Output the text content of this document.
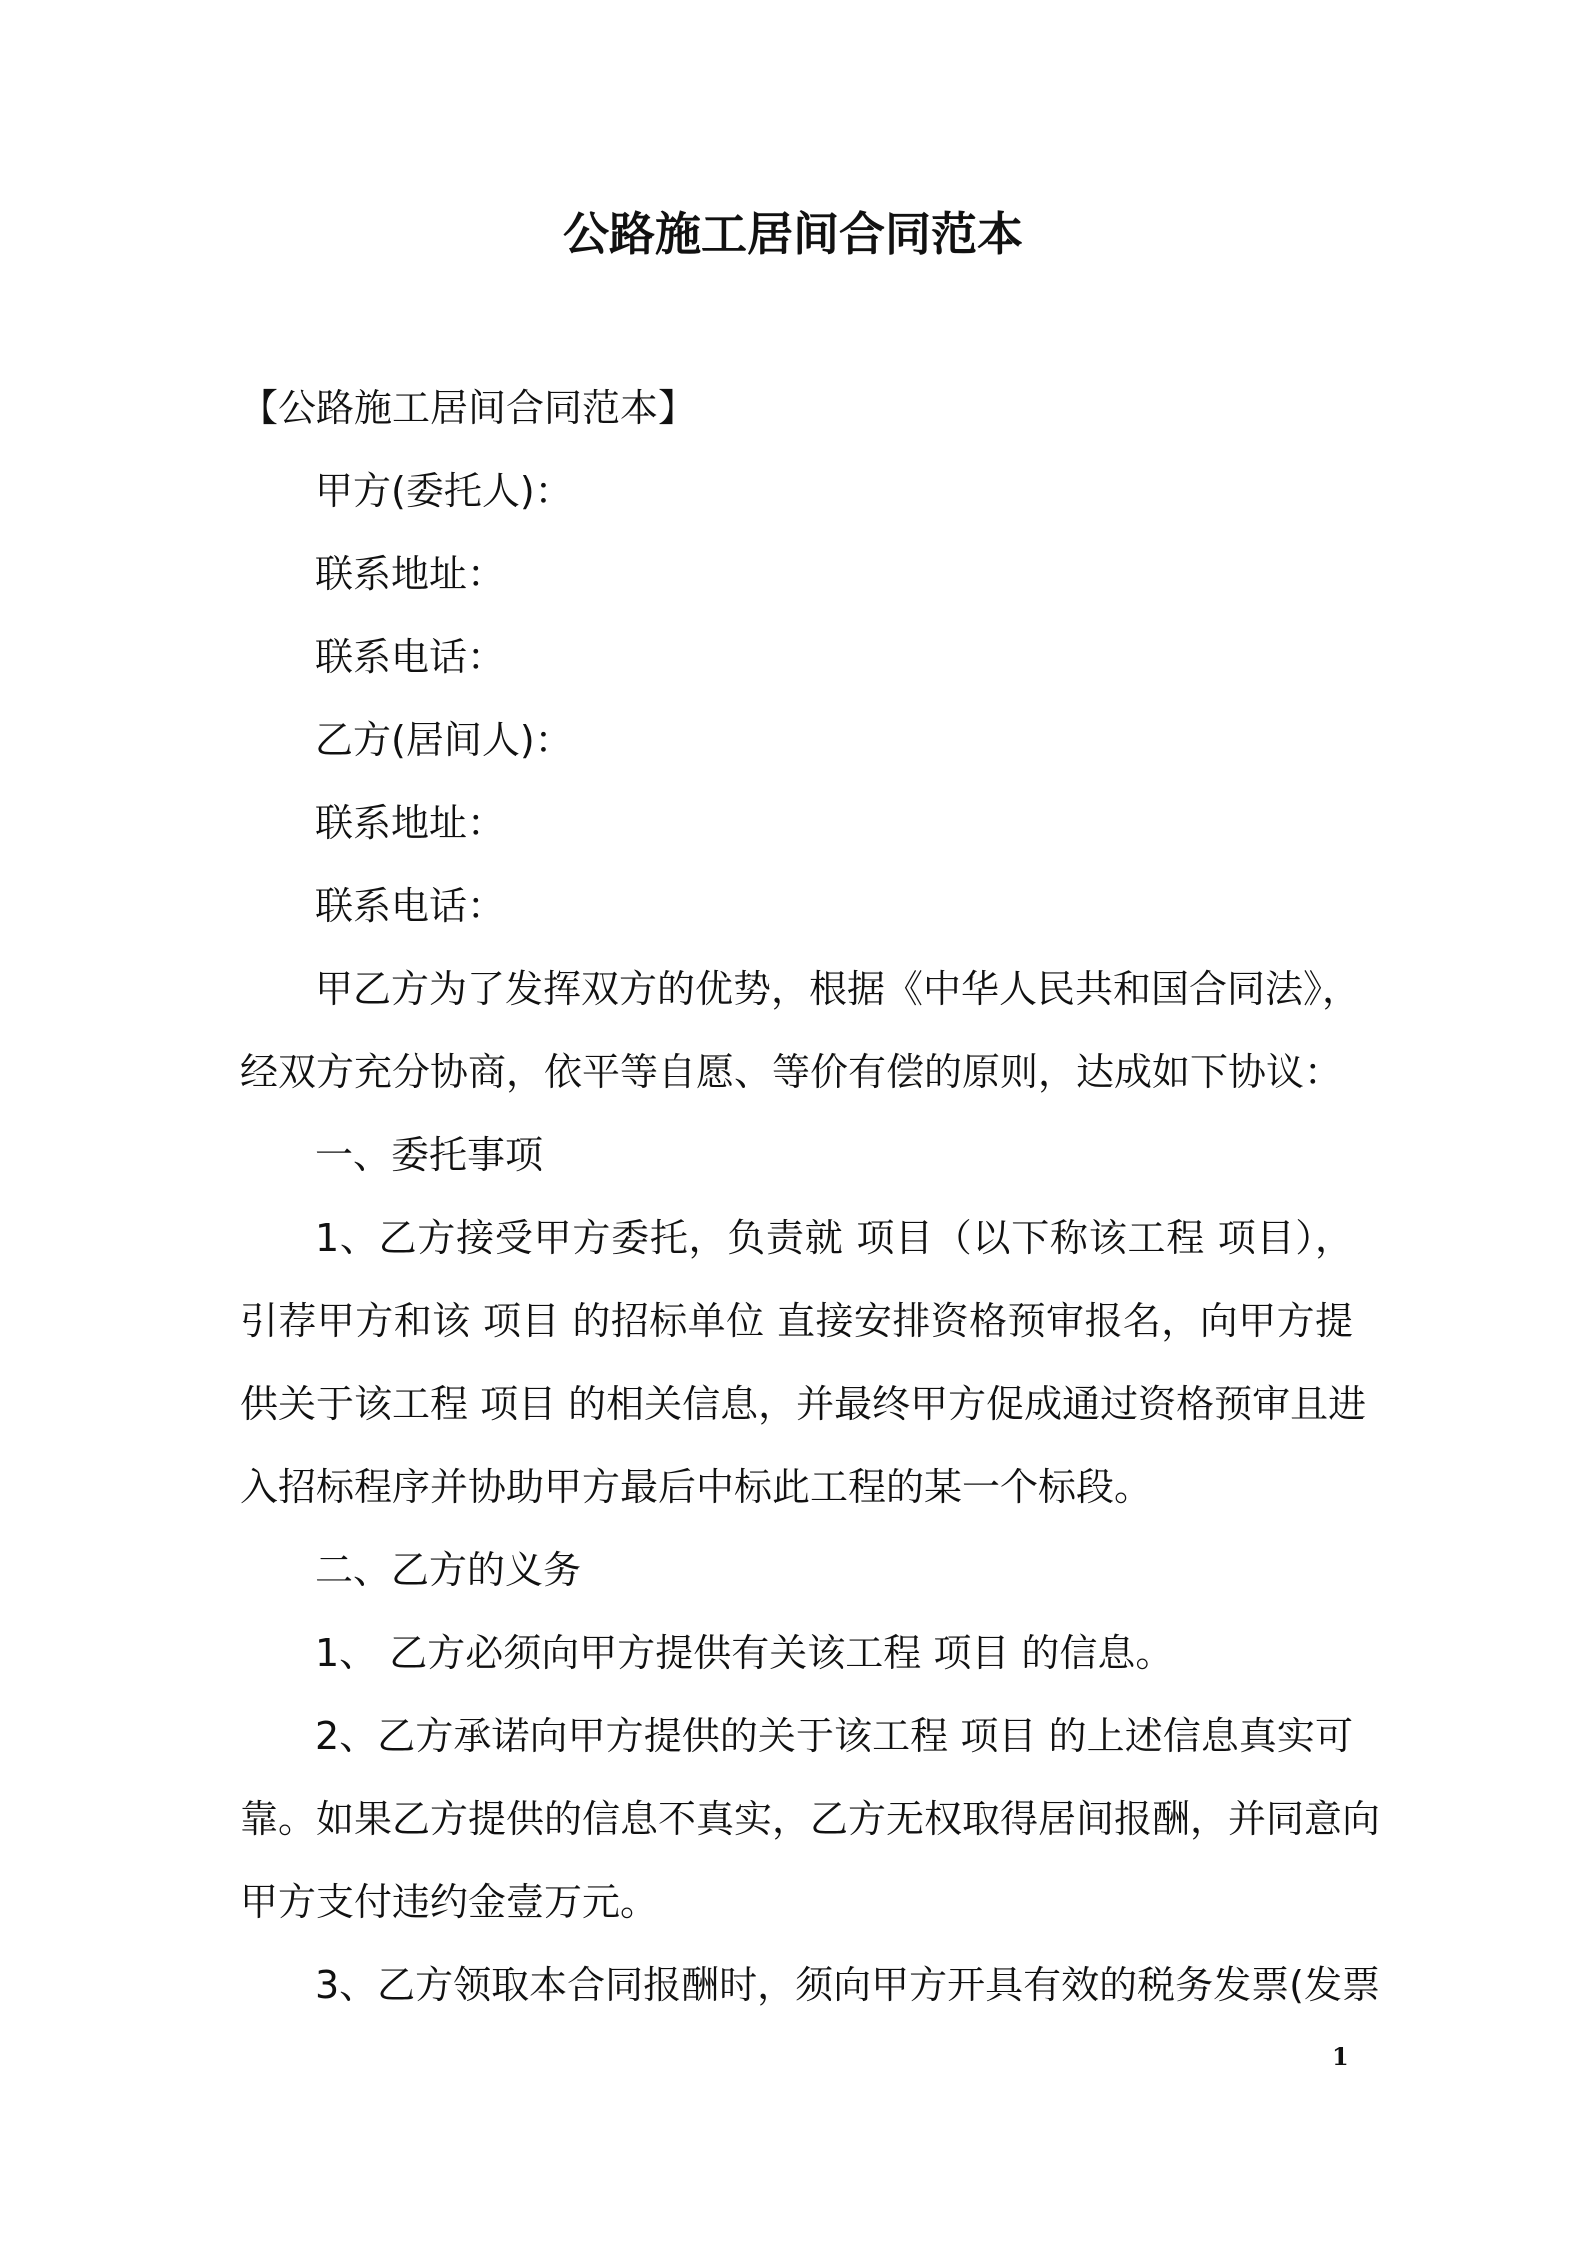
公路施工居间合同范本
【公路施工居间合同范本】
甲方(委托人)：
联系地址：
联系电话：
乙方(居间人)：
联系地址：
联系电话：
甲乙方为了发挥双方的优势，根据《中华人民共和国合同法》，
经双方充分协商，依平等自愿、等价有偿的原则，达成如下协议：
一、委托事项
1、乙方接受甲方委托，负责就 项目（以下称该工程 项目），
引荐甲方和该 项目 的招标单位 直接安排资格预审报名，向甲方提
供关于该工程 项目 的相关信息，并最终甲方促成通过资格预审且进
入招标程序并协助甲方最后中标此工程的某一个标段。
二、乙方的义务
1、 乙方必须向甲方提供有关该工程 项目 的信息。
2、乙方承诺向甲方提供的关于该工程 项目 的上述信息真实可
靠。如果乙方提供的信息不真实，乙方无权取得居间报酬，并同意向
甲方支付违约金壹万元。
3、乙方领取本合同报酬时，须向甲方开具有效的税务发票(发票
1
